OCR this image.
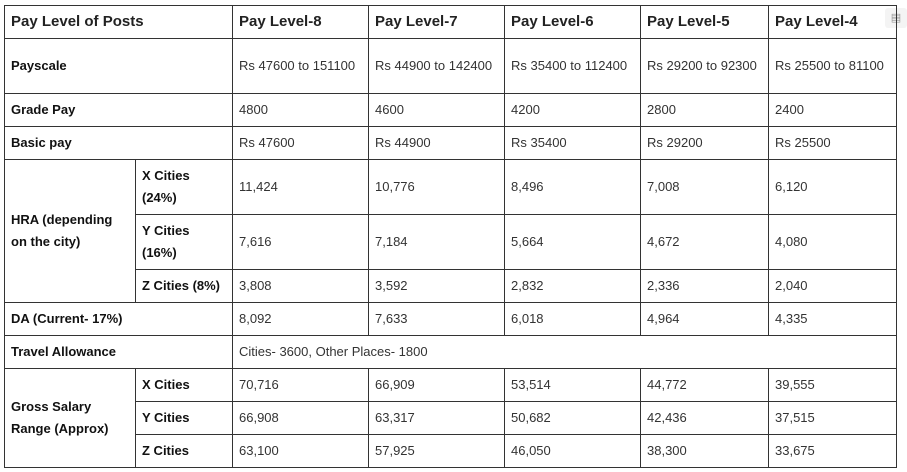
▤
Pay Level of Posts		Pay Level-8	Pay Level-7	Pay Level-6	Pay Level-5	Pay Level-4
Payscale		Rs 47600 to 151100	Rs 44900 to 142400	Rs 35400 to 112400	Rs 29200 to 92300	Rs 25500 to 81100
Grade Pay		4800	4600	4200	2800	2400
Basic pay		Rs 47600	Rs 44900	Rs 35400	Rs 29200	Rs 25500
HRA (depending on the city)	X Cities (24%)	11,424	10,776	8,496	7,008	6,120
	Y Cities (16%)	7,616	7,184	5,664	4,672	4,080
	Z Cities (8%)	3,808	3,592	2,832	2,336	2,040
DA (Current- 17%)		8,092	7,633	6,018	4,964	4,335
Travel Allowance		Cities- 3600, Other Places- 1800				
Gross Salary Range (Approx)	X Cities	70,716	66,909	53,514	44,772	39,555
	Y Cities	66,908	63,317	50,682	42,436	37,515
	Z Cities	63,100	57,925	46,050	38,300	33,675
